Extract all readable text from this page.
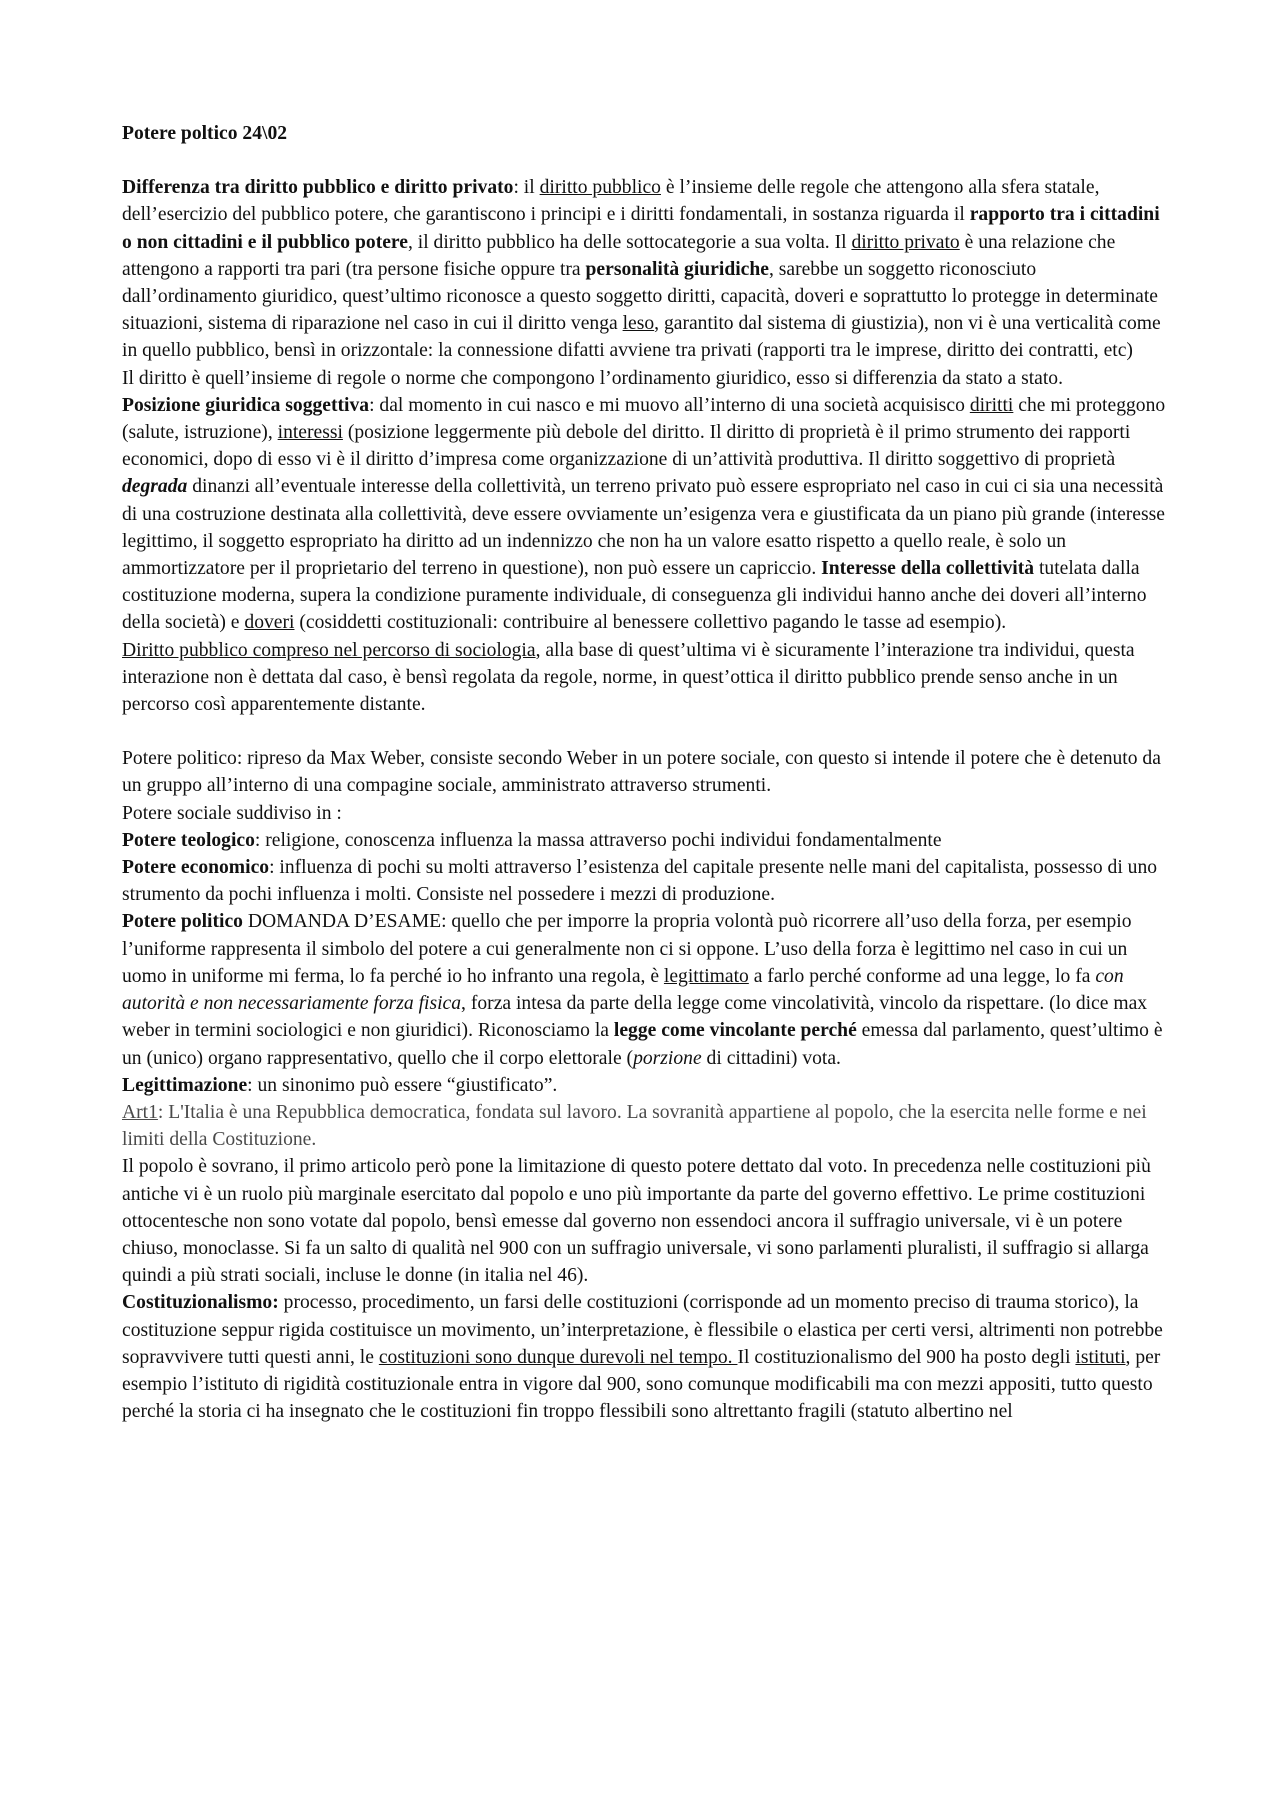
Potere poltico 24\02

Differenza tra diritto pubblico e diritto privato: il diritto pubblico è l’insieme delle regole che attengono alla sfera statale, dell’esercizio del pubblico potere, che garantiscono i principi e i diritti fondamentali, in sostanza riguarda il rapporto tra i cittadini o non cittadini e il pubblico potere, il diritto pubblico ha delle sottocategorie a sua volta. Il diritto privato è una relazione che attengono a rapporti tra pari (tra persone fisiche oppure tra personalità giuridiche, sarebbe un soggetto riconosciuto dall’ordinamento giuridico, quest’ultimo riconosce a questo soggetto diritti, capacità, doveri e soprattutto lo protegge in determinate situazioni, sistema di riparazione nel caso in cui il diritto venga leso, garantito dal sistema di giustizia), non vi è una verticalità come in quello pubblico, bensì in orizzontale: la connessione difatti avviene tra privati (rapporti tra le imprese, diritto dei contratti, etc)

Il diritto è quell’insieme di regole o norme che compongono l’ordinamento giuridico, esso si differenzia da stato a stato.

Posizione giuridica soggettiva: dal momento in cui nasco e mi muovo all’interno di una società acquisisco diritti che mi proteggono (salute, istruzione), interessi (posizione leggermente più debole del diritto. Il diritto di proprietà è il primo strumento dei rapporti economici, dopo di esso vi è il diritto d’impresa come organizzazione di un’attività produttiva. Il diritto soggettivo di proprietà degrada dinanzi all’eventuale interesse della collettività, un terreno privato può essere espropriato nel caso in cui ci sia una necessità di una costruzione destinata alla collettività, deve essere ovviamente un’esigenza vera e giustificata da un piano più grande (interesse legittimo, il soggetto espropriato ha diritto ad un indennizzo che non ha un valore esatto rispetto a quello reale, è solo un ammortizzatore per il proprietario del terreno in questione), non può essere un capriccio. Interesse della collettività tutelata dalla costituzione moderna, supera la condizione puramente individuale, di conseguenza gli individui hanno anche dei doveri all’interno della società) e doveri (cosiddetti costituzionali: contribuire al benessere collettivo pagando le tasse ad esempio).

Diritto pubblico compreso nel percorso di sociologia, alla base di quest’ultima vi è sicuramente l’interazione tra individui, questa interazione non è dettata dal caso, è bensì regolata da regole, norme, in quest’ottica il diritto pubblico prende senso anche in un percorso così apparentemente distante.

Potere politico: ripreso da Max Weber, consiste secondo Weber in un potere sociale, con questo si intende il potere che è detenuto da un gruppo all’interno di una compagine sociale, amministrato attraverso strumenti.

Potere sociale suddiviso in :

Potere teologico: religione, conoscenza influenza la massa attraverso pochi individui fondamentalmente

Potere economico: influenza di pochi su molti attraverso l’esistenza del capitale presente nelle mani del capitalista, possesso di uno strumento da pochi influenza i molti. Consiste nel possedere i mezzi di produzione.

Potere politico DOMANDA D’ESAME: quello che per imporre la propria volontà può ricorrere all’uso della forza, per esempio l’uniforme rappresenta il simbolo del potere a cui generalmente non ci si oppone. L’uso della forza è legittimo nel caso in cui un uomo in uniforme mi ferma, lo fa perché io ho infranto una regola, è legittimato a farlo perché conforme ad una legge, lo fa con autorità e non necessariamente forza fisica, forza intesa da parte della legge come vincolatività, vincolo da rispettare. (lo dice max weber in termini sociologici e non giuridici). Riconosciamo la legge come vincolante perché emessa dal parlamento, quest’ultimo è un (unico) organo rappresentativo, quello che il corpo elettorale (porzione di cittadini) vota.

Legittimazione: un sinonimo può essere “giustificato”.

Art1: L'Italia è una Repubblica democratica, fondata sul lavoro. La sovranità appartiene al popolo, che la esercita nelle forme e nei limiti della Costituzione.

Il popolo è sovrano, il primo articolo però pone la limitazione di questo potere dettato dal voto. In precedenza nelle costituzioni più antiche vi è un ruolo più marginale esercitato dal popolo e uno più importante da parte del governo effettivo. Le prime costituzioni ottocentesche non sono votate dal popolo, bensì emesse dal governo non essendoci ancora il suffragio universale, vi è un potere chiuso, monoclasse. Si fa un salto di qualità nel 900 con un suffragio universale, vi sono parlamenti pluralisti, il suffragio si allarga quindi a più strati sociali, incluse le donne (in italia nel 46).

Costituzionalismo: processo, procedimento, un farsi delle costituzioni (corrisponde ad un momento preciso di trauma storico), la costituzione seppur rigida costituisce un movimento, un’interpretazione, è flessibile o elastica per certi versi, altrimenti non potrebbe sopravvivere tutti questi anni, le costituzioni sono dunque durevoli nel tempo. Il costituzionalismo del 900 ha posto degli istituti, per esempio l’istituto di rigidità costituzionale entra in vigore dal 900, sono comunque modificabili ma con mezzi appositi, tutto questo perché la storia ci ha insegnato che le costituzioni fin troppo flessibili sono altrettanto fragili (statuto albertino nel
